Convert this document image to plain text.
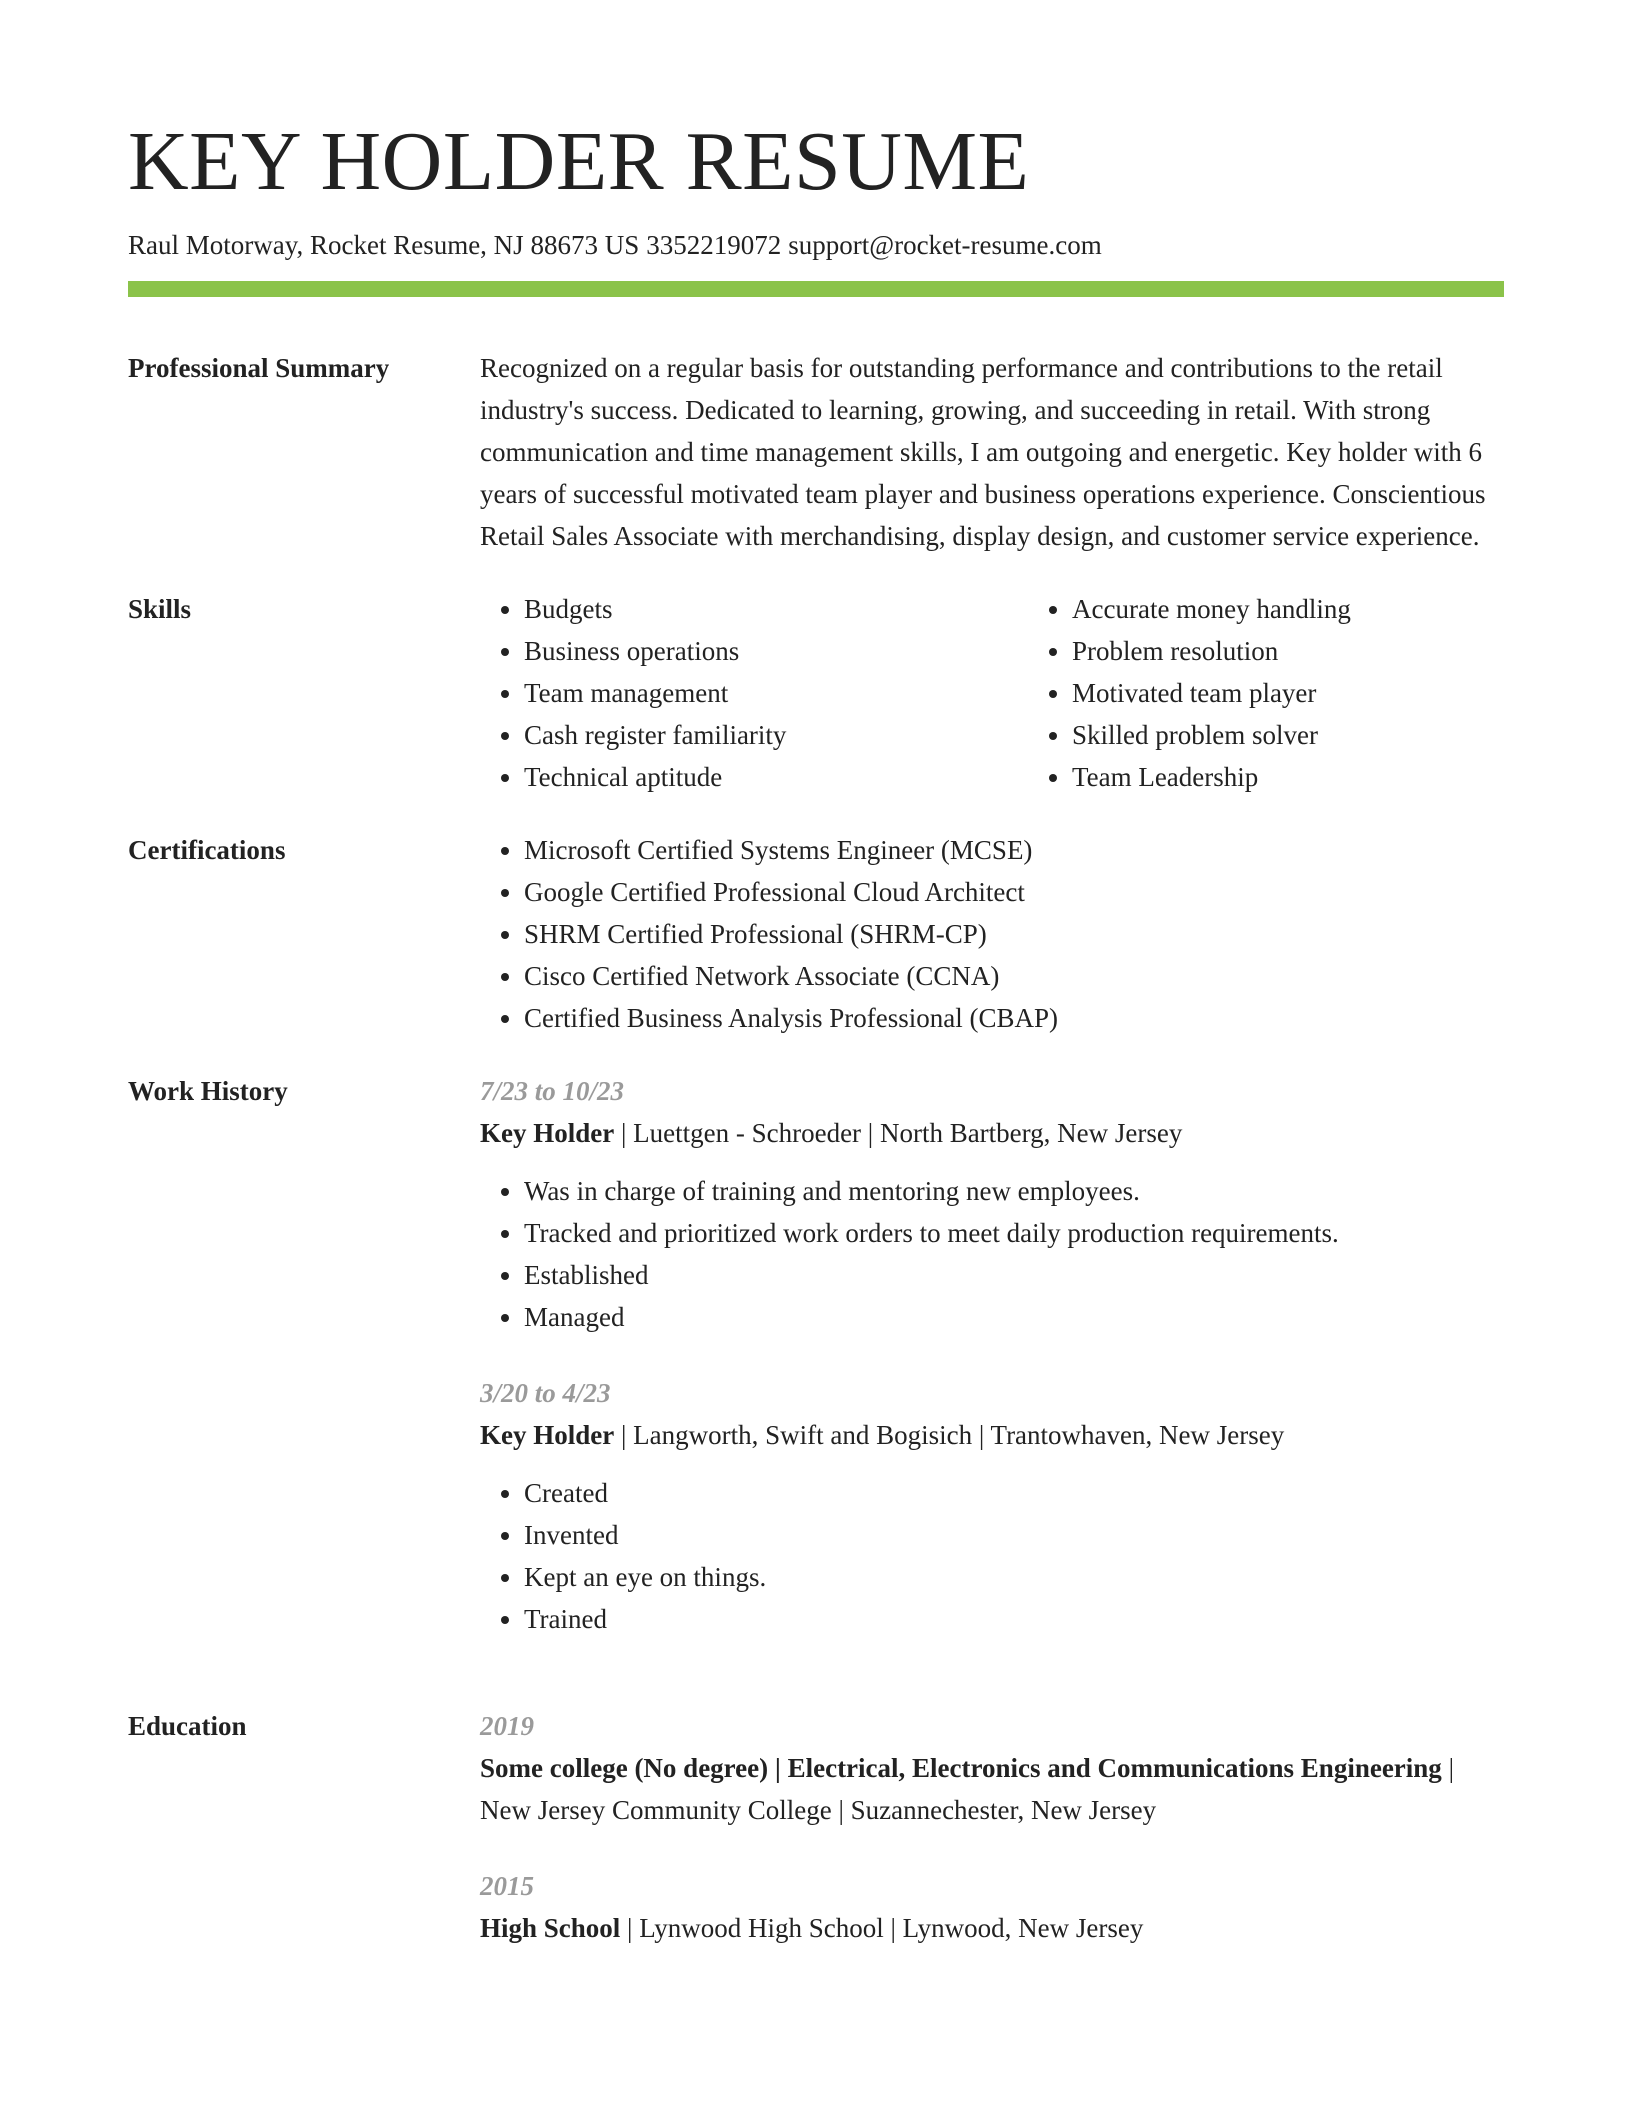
KEY HOLDER RESUME
Raul Motorway, Rocket Resume, NJ 88673 US 3352219072 support@rocket-resume.com
Professional Summary	Recognized on a regular basis for outstanding performance and contributions to the retail industry's success. Dedicated to learning, growing, and succeeding in retail. With strong communication and time management skills, I am outgoing and energetic. Key holder with 6 years of successful motivated team player and business operations experience. Conscientious Retail Sales Associate with merchandising, display design, and customer service experience.
Skills	• Budgets
• Business operations
• Team management
• Cash register familiarity
• Technical aptitude
• Accurate money handling
• Problem resolution
• Motivated team player
• Skilled problem solver
• Team Leadership
Certifications	• Microsoft Certified Systems Engineer (MCSE)
• Google Certified Professional Cloud Architect
• SHRM Certified Professional (SHRM-CP)
• Cisco Certified Network Associate (CCNA)
• Certified Business Analysis Professional (CBAP)
Work History	7/23 to 10/23
Key Holder | Luettgen - Schroeder | North Bartberg, New Jersey
• Was in charge of training and mentoring new employees.
• Tracked and prioritized work orders to meet daily production requirements.
• Established
• Managed
3/20 to 4/23
Key Holder | Langworth, Swift and Bogisich | Trantowhaven, New Jersey
• Created
• Invented
• Kept an eye on things.
• Trained
Education	2019
Some college (No degree) | Electrical, Electronics and Communications Engineering | New Jersey Community College | Suzannechester, New Jersey
2015
High School | Lynwood High School | Lynwood, New Jersey
